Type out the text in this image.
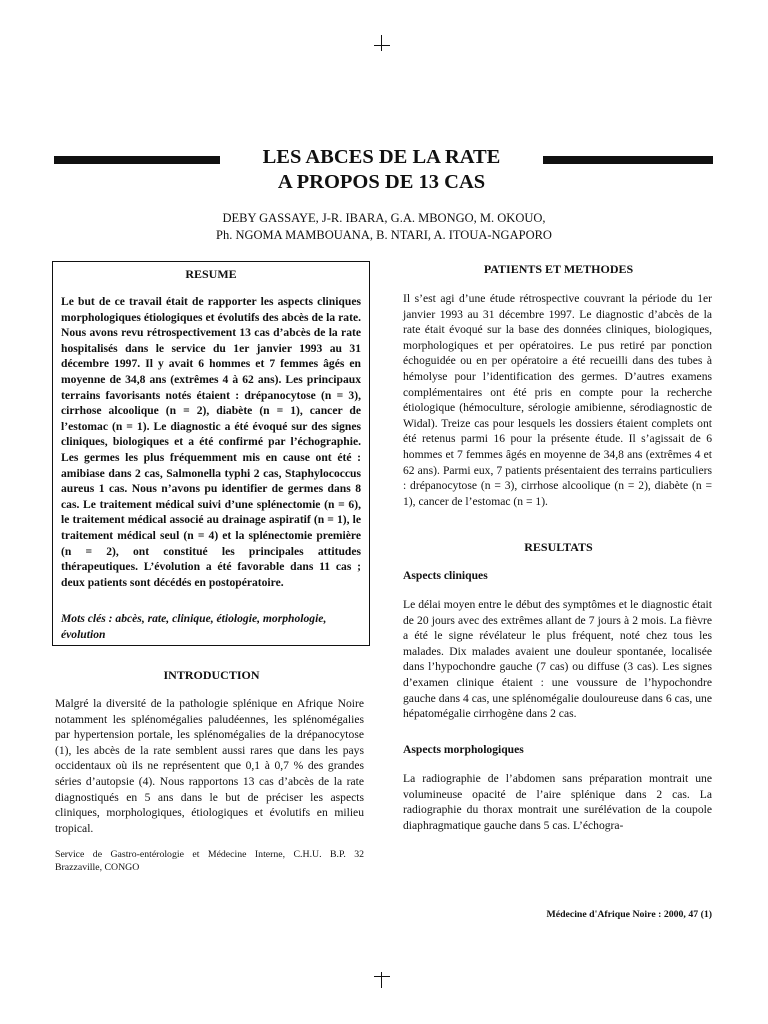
LES ABCES DE LA RATE
A PROPOS DE 13 CAS
DEBY GASSAYE, J-R. IBARA, G.A. MBONGO, M. OKOUO,
Ph. NGOMA MAMBOUANA, B. NTARI, A. ITOUA-NGAPORO
RESUME

Le but de ce travail était de rapporter les aspects cliniques morphologiques étiologiques et évolutifs des abcès de la rate. Nous avons revu rétrospectivement 13 cas d’abcès de la rate hospitalisés dans le service du 1er janvier 1993 au 31 décembre 1997. Il y avait 6 hommes et 7 femmes âgés en moyenne de 34,8 ans (extrêmes 4 à 62 ans). Les principaux terrains favorisants notés étaient : drépanocytose (n = 3), cirrhose alcoolique (n = 2), diabète (n = 1), cancer de l’estomac (n = 1). Le diagnostic a été évoqué sur des signes cliniques, biologiques et a été confirmé par l’échographie. Les germes les plus fréquemment mis en cause ont été : amibiase dans 2 cas, Salmonella typhi 2 cas, Staphylococcus aureus 1 cas. Nous n’avons pu identifier de germes dans 8 cas. Le traitement médical suivi d’une splénectomie (n = 6), le traitement médical associé au drainage aspiratif (n = 1), le traitement médical seul (n = 4) et la splénectomie première (n = 2), ont constitué les principales attitudes thérapeutiques. L’évolution a été favorable dans 11 cas ; deux patients sont décédés en postopératoire.

Mots clés : abcès, rate, clinique, étiologie, morphologie, évolution

INTRODUCTION

Malgré la diversité de la pathologie splénique en Afrique Noire notamment les splénomégalies paludéennes, les splénomégalies par hypertension portale, les splénomégalies de la drépanocytose (1), les abcès de la rate semblent aussi rares que dans les pays occidentaux où ils ne représentent que 0,1 à 0,7 % des grandes séries d’autopsie (4). Nous rapportons 13 cas d’abcès de la rate diagnostiqués en 5 ans dans le but de préciser les aspects cliniques, morphologiques, étiologiques et évolutifs en milieu tropical.

Service de Gastro-entérologie et Médecine Interne, C.H.U. B.P. 32 Brazzaville, CONGO

PATIENTS ET METHODES

Il s’est agi d’une étude rétrospective couvrant la période du 1er janvier 1993 au 31 décembre 1997. Le diagnostic d’abcès de la rate était évoqué sur la base des données cliniques, biologiques, morphologiques et per opératoires. Le pus retiré par ponction échoguidée ou en per opératoire a été recueilli dans des tubes à hémolyse pour l’identification des germes. D’autres examens complémentaires ont été pris en compte pour la recherche étiologique (hémoculture, sérologie amibienne, sérodiagnostic de Widal). Treize cas pour lesquels les dossiers étaient complets ont été retenus parmi 16 pour la présente étude. Il s’agissait de 6 hommes et 7 femmes âgés en moyenne de 34,8 ans (extrêmes 4 et 62 ans). Parmi eux, 7 patients présentaient des terrains particuliers : drépanocytose (n = 3), cirrhose alcoolique (n = 2), diabète (n = 1), cancer de l’estomac (n = 1).

RESULTATS
Aspects cliniques

Le délai moyen entre le début des symptômes et le diagnostic était de 20 jours avec des extrêmes allant de 7 jours à 2 mois. La fièvre a été le signe révélateur le plus fréquent, noté chez tous les malades. Dix malades avaient une douleur spontanée, localisée dans l’hypochondre gauche (7 cas) ou diffuse (3 cas). Les signes d’examen clinique étaient : une voussure de l’hypochondre gauche dans 4 cas, une splénomégalie douloureuse dans 6 cas, une hépatomégalie cirrhogène dans 2 cas.

Aspects morphologiques

La radiographie de l’abdomen sans préparation montrait une volumineuse opacité de l’aire splénique dans 2 cas. La radiographie du thorax montrait une surélévation de la coupole diaphragmatique gauche dans 5 cas. L’échogra-

Médecine d'Afrique Noire : 2000, 47 (1)
